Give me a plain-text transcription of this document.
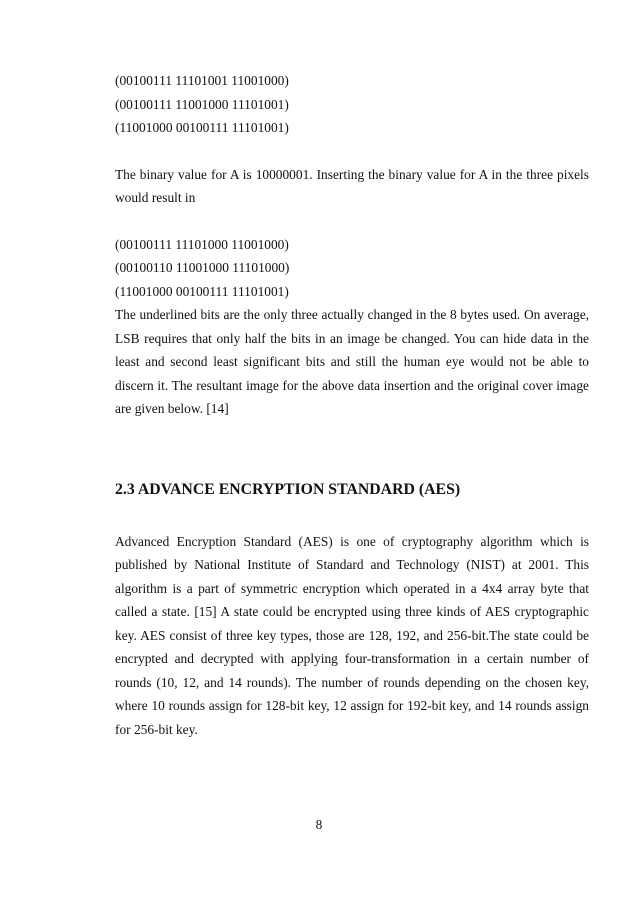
(00100111 11101001 11001000)

(00100111 11001000 11101001)

(11001000 00100111 11101001)

The binary value for A is 10000001. Inserting the binary value for A in the three pixels would result in

(00100111 11101000 11001000)

(00100110 11001000 11101000)

(11001000 00100111 11101001)

The underlined bits are the only three actually changed in the 8 bytes used. On average, LSB requires that only half the bits in an image be changed. You can hide data in the least and second least significant bits and still the human eye would not be able to discern it. The resultant image for the above data insertion and the original cover image are given below. [14]

2.3 ADVANCE ENCRYPTION STANDARD (AES)

Advanced Encryption Standard (AES) is one of cryptography algorithm which is published by National Institute of Standard and Technology (NIST) at 2001. This algorithm is a part of symmetric encryption which operated in a 4x4 array byte that called a state. [15] A state could be encrypted using three kinds of AES cryptographic key. AES consist of three key types, those are 128, 192, and 256-bit.The state could be encrypted and decrypted with applying four-transformation in a certain number of rounds (10, 12, and 14 rounds). The number of rounds depending on the chosen key, where 10 rounds assign for 128-bit key, 12 assign for 192-bit key, and 14 rounds assign for 256-bit key.

8
